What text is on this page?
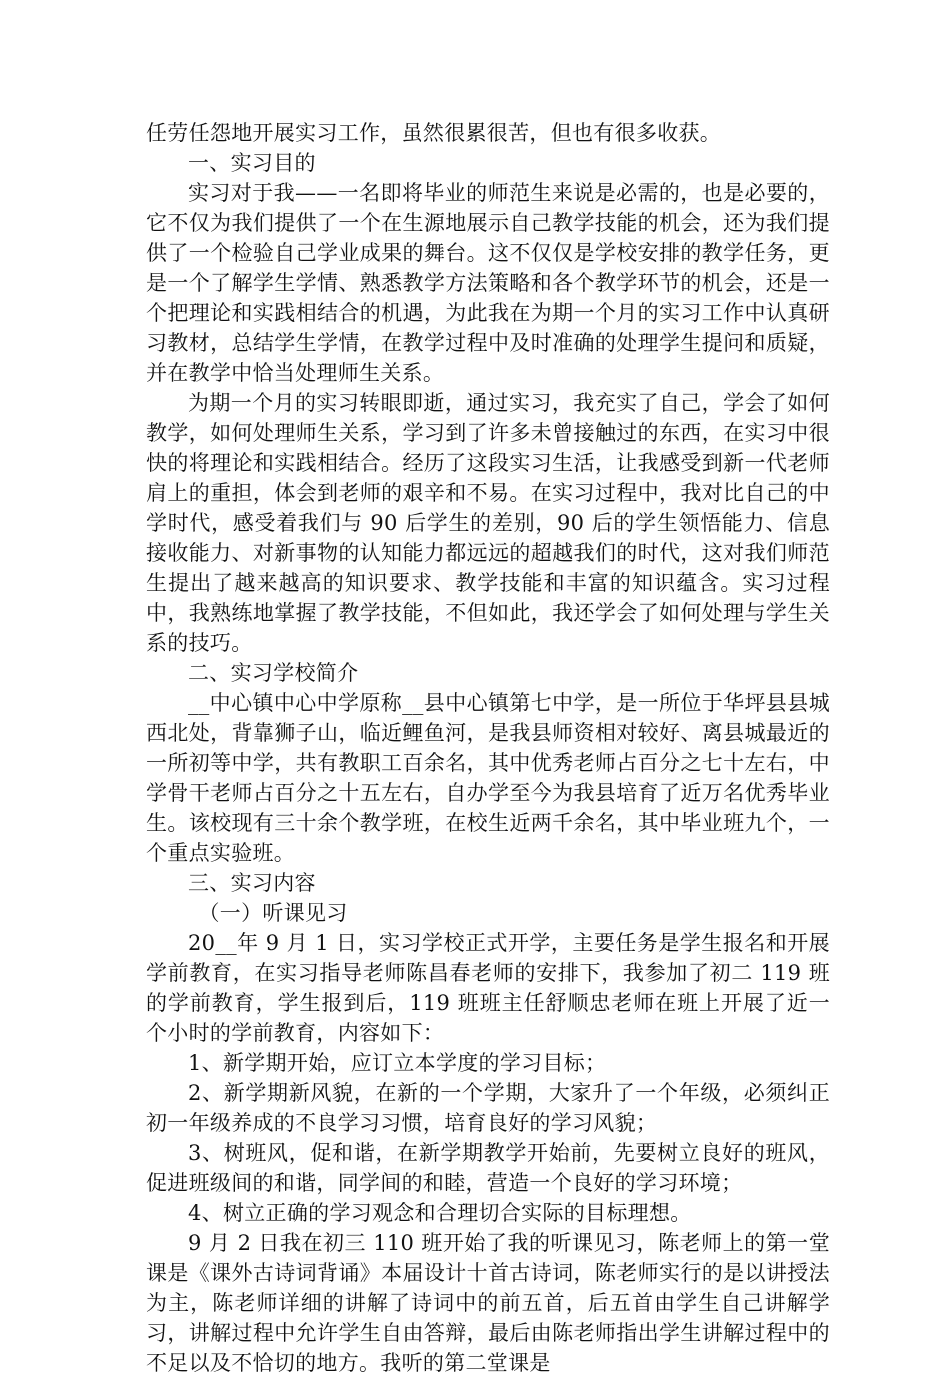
任劳任怨地开展实习工作，虽然很累很苦，但也有很多收获。

一、实习目的

实习对于我——一名即将毕业的师范生来说是必需的，也是必要的，它不仅为我们提供了一个在生源地展示自己教学技能的机会，还为我们提供了一个检验自己学业成果的舞台。这不仅仅是学校安排的教学任务，更是一个了解学生学情、熟悉教学方法策略和各个教学环节的机会，还是一个把理论和实践相结合的机遇，为此我在为期一个月的实习工作中认真研习教材，总结学生学情，在教学过程中及时准确的处理学生提问和质疑，并在教学中恰当处理师生关系。

为期一个月的实习转眼即逝，通过实习，我充实了自己，学会了如何教学，如何处理师生关系，学习到了许多未曾接触过的东西，在实习中很快的将理论和实践相结合。经历了这段实习生活，让我感受到新一代老师肩上的重担，体会到老师的艰辛和不易。在实习过程中，我对比自己的中学时代，感受着我们与 90 后学生的差别，90 后的学生领悟能力、信息接收能力、对新事物的认知能力都远远的超越我们的时代，这对我们师范生提出了越来越高的知识要求、教学技能和丰富的知识蕴含。实习过程中，我熟练地掌握了教学技能，不但如此，我还学会了如何处理与学生关系的技巧。

二、实习学校简介

__中心镇中心中学原称__县中心镇第七中学，是一所位于华坪县县城西北处，背靠狮子山，临近鲤鱼河，是我县师资相对较好、离县城最近的一所初等中学，共有教职工百余名，其中优秀老师占百分之七十左右，中学骨干老师占百分之十五左右，自办学至今为我县培育了近万名优秀毕业生。该校现有三十余个教学班，在校生近两千余名，其中毕业班九个，一个重点实验班。

三、实习内容

（一）听课见习

20__年 9 月 1 日，实习学校正式开学，主要任务是学生报名和开展学前教育，在实习指导老师陈昌春老师的安排下，我参加了初二 119 班的学前教育，学生报到后，119 班班主任舒顺忠老师在班上开展了近一个小时的学前教育，内容如下：

1、新学期开始，应订立本学度的学习目标；

2、新学期新风貌，在新的一个学期，大家升了一个年级，必须纠正初一年级养成的不良学习习惯，培育良好的学习风貌；

3、树班风，促和谐，在新学期教学开始前，先要树立良好的班风，促进班级间的和谐，同学间的和睦，营造一个良好的学习环境；

4、树立正确的学习观念和合理切合实际的目标理想。

9 月 2 日我在初三 110 班开始了我的听课见习，陈老师上的第一堂课是《课外古诗词背诵》本届设计十首古诗词，陈老师实行的是以讲授法为主，陈老师详细的讲解了诗词中的前五首，后五首由学生自己讲解学习，讲解过程中允许学生自由答辩，最后由陈老师指出学生讲解过程中的不足以及不恰切的地方。我听的第二堂课是
